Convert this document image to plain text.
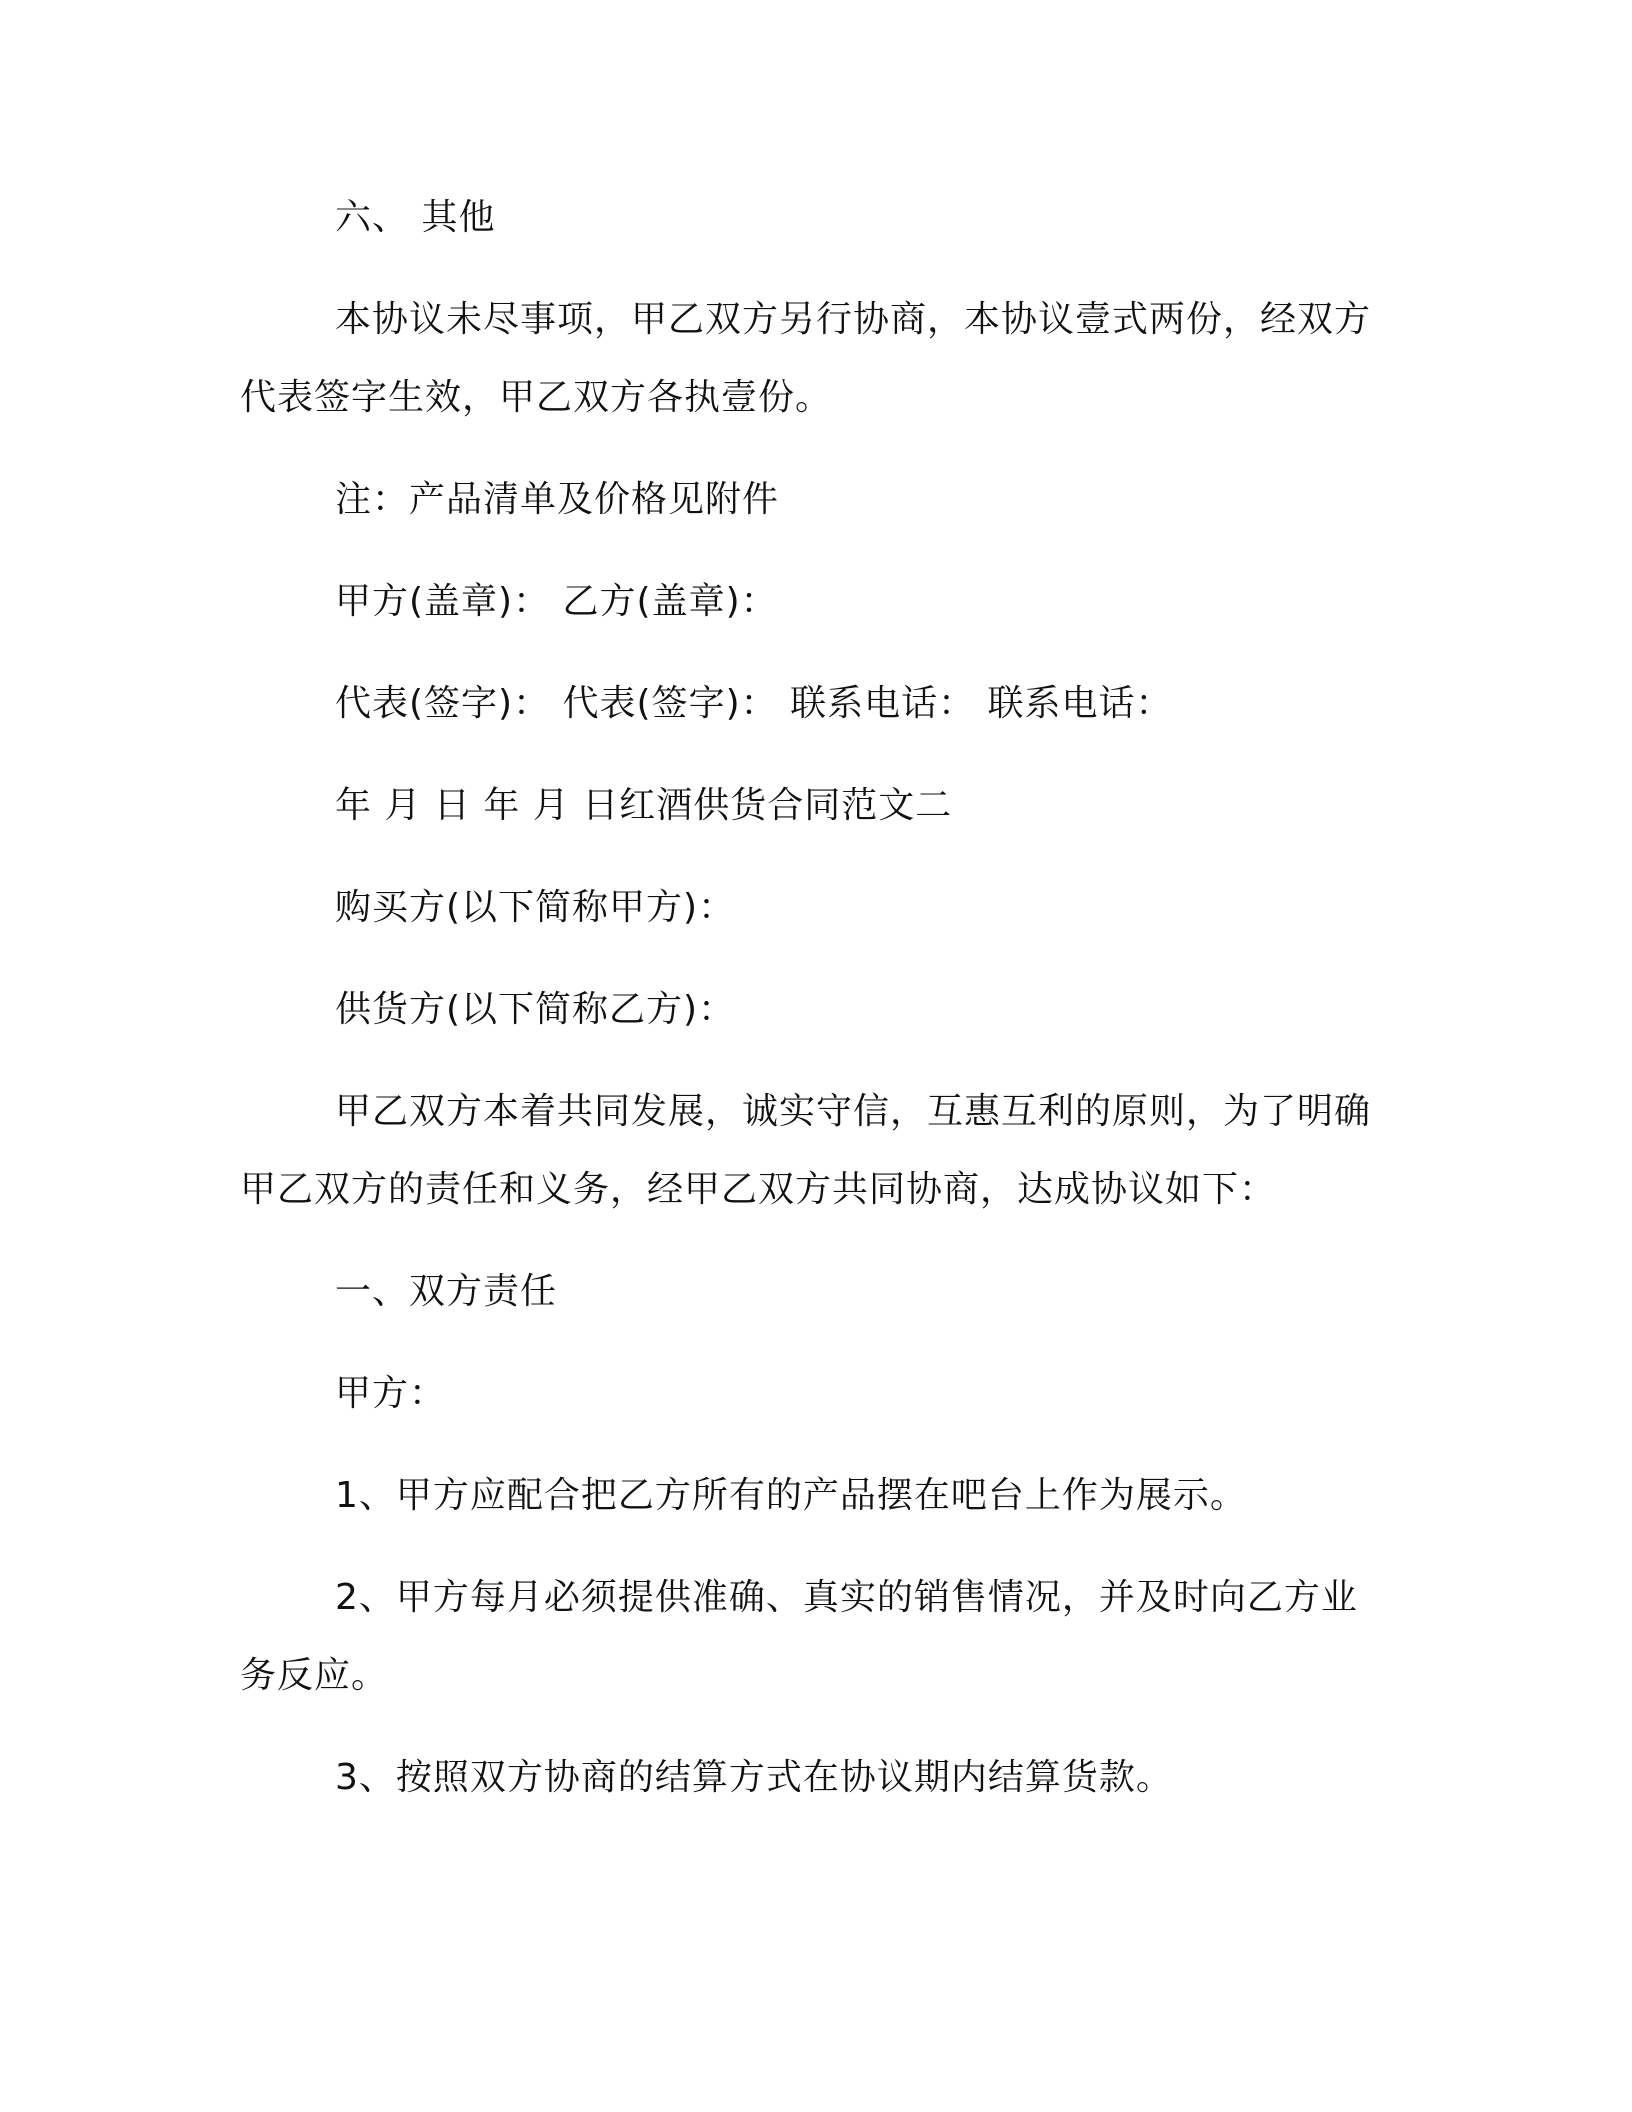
六、 其他
本协议未尽事项，甲乙双方另行协商，本协议壹式两份，经双方
代表签字生效，甲乙双方各执壹份。
注：产品清单及价格见附件
甲方(盖章)： 乙方(盖章)：
代表(签字)： 代表(签字)： 联系电话： 联系电话：
年 月 日 年 月 日红酒供货合同范文二
购买方(以下简称甲方)：
供货方(以下简称乙方)：
甲乙双方本着共同发展，诚实守信，互惠互利的原则，为了明确
甲乙双方的责任和义务，经甲乙双方共同协商，达成协议如下：
一、双方责任
甲方：
1、甲方应配合把乙方所有的产品摆在吧台上作为展示。
2、甲方每月必须提供准确、真实的销售情况，并及时向乙方业
务反应。
3、按照双方协商的结算方式在协议期内结算货款。
